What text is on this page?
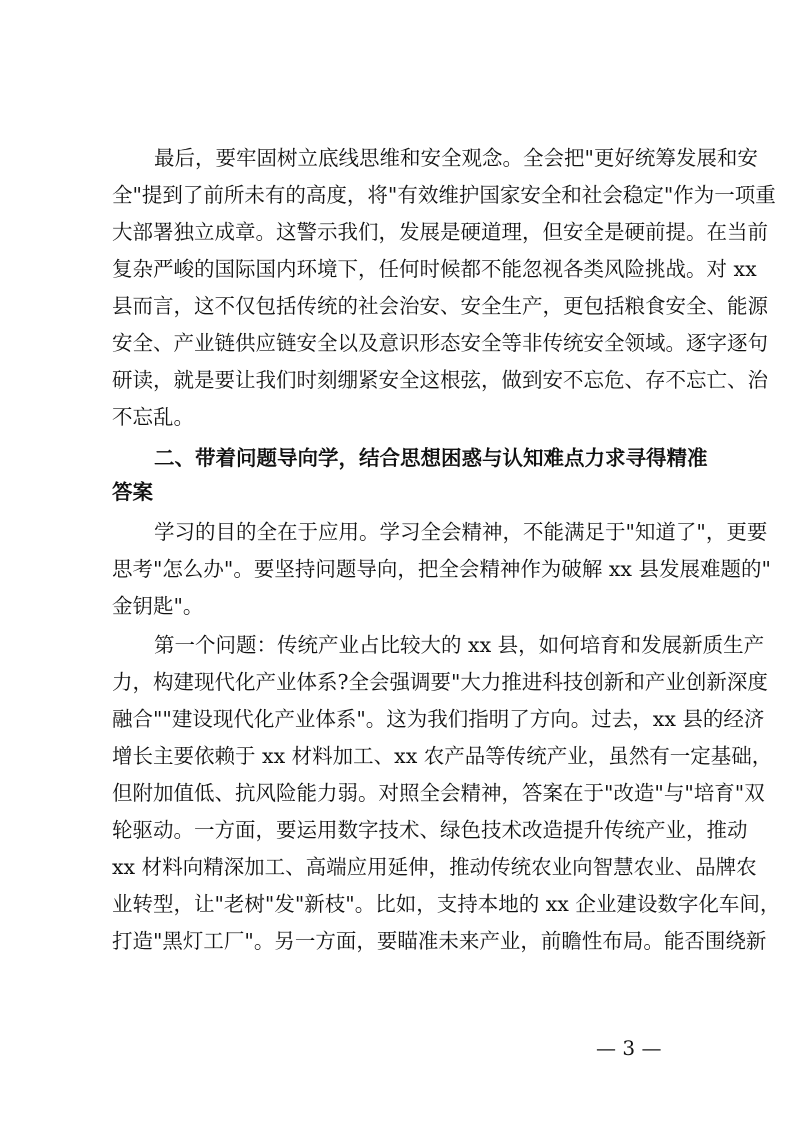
最后，要牢固树立底线思维和安全观念。全会把"更好统筹发展和安
全"提到了前所未有的高度，将"有效维护国家安全和社会稳定"作为一项重
大部署独立成章。这警示我们，发展是硬道理，但安全是硬前提。在当前
复杂严峻的国际国内环境下，任何时候都不能忽视各类风险挑战。对 xx
县而言，这不仅包括传统的社会治安、安全生产，更包括粮食安全、能源
安全、产业链供应链安全以及意识形态安全等非传统安全领域。逐字逐句
研读，就是要让我们时刻绷紧安全这根弦，做到安不忘危、存不忘亡、治
不忘乱。
二、带着问题导向学，结合思想困惑与认知难点力求寻得精准
答案
学习的目的全在于应用。学习全会精神，不能满足于"知道了"，更要
思考"怎么办"。要坚持问题导向，把全会精神作为破解 xx 县发展难题的"
金钥匙"。
第一个问题：传统产业占比较大的 xx 县，如何培育和发展新质生产
力，构建现代化产业体系?全会强调要"大力推进科技创新和产业创新深度
融合""建设现代化产业体系"。这为我们指明了方向。过去，xx 县的经济
增长主要依赖于 xx 材料加工、xx 农产品等传统产业，虽然有一定基础，
但附加值低、抗风险能力弱。对照全会精神，答案在于"改造"与"培育"双
轮驱动。一方面，要运用数字技术、绿色技术改造提升传统产业，推动
xx 材料向精深加工、高端应用延伸，推动传统农业向智慧农业、品牌农
业转型，让"老树"发"新枝"。比如，支持本地的 xx 企业建设数字化车间，
打造"黑灯工厂"。另一方面，要瞄准未来产业，前瞻性布局。能否围绕新
— 3 —
